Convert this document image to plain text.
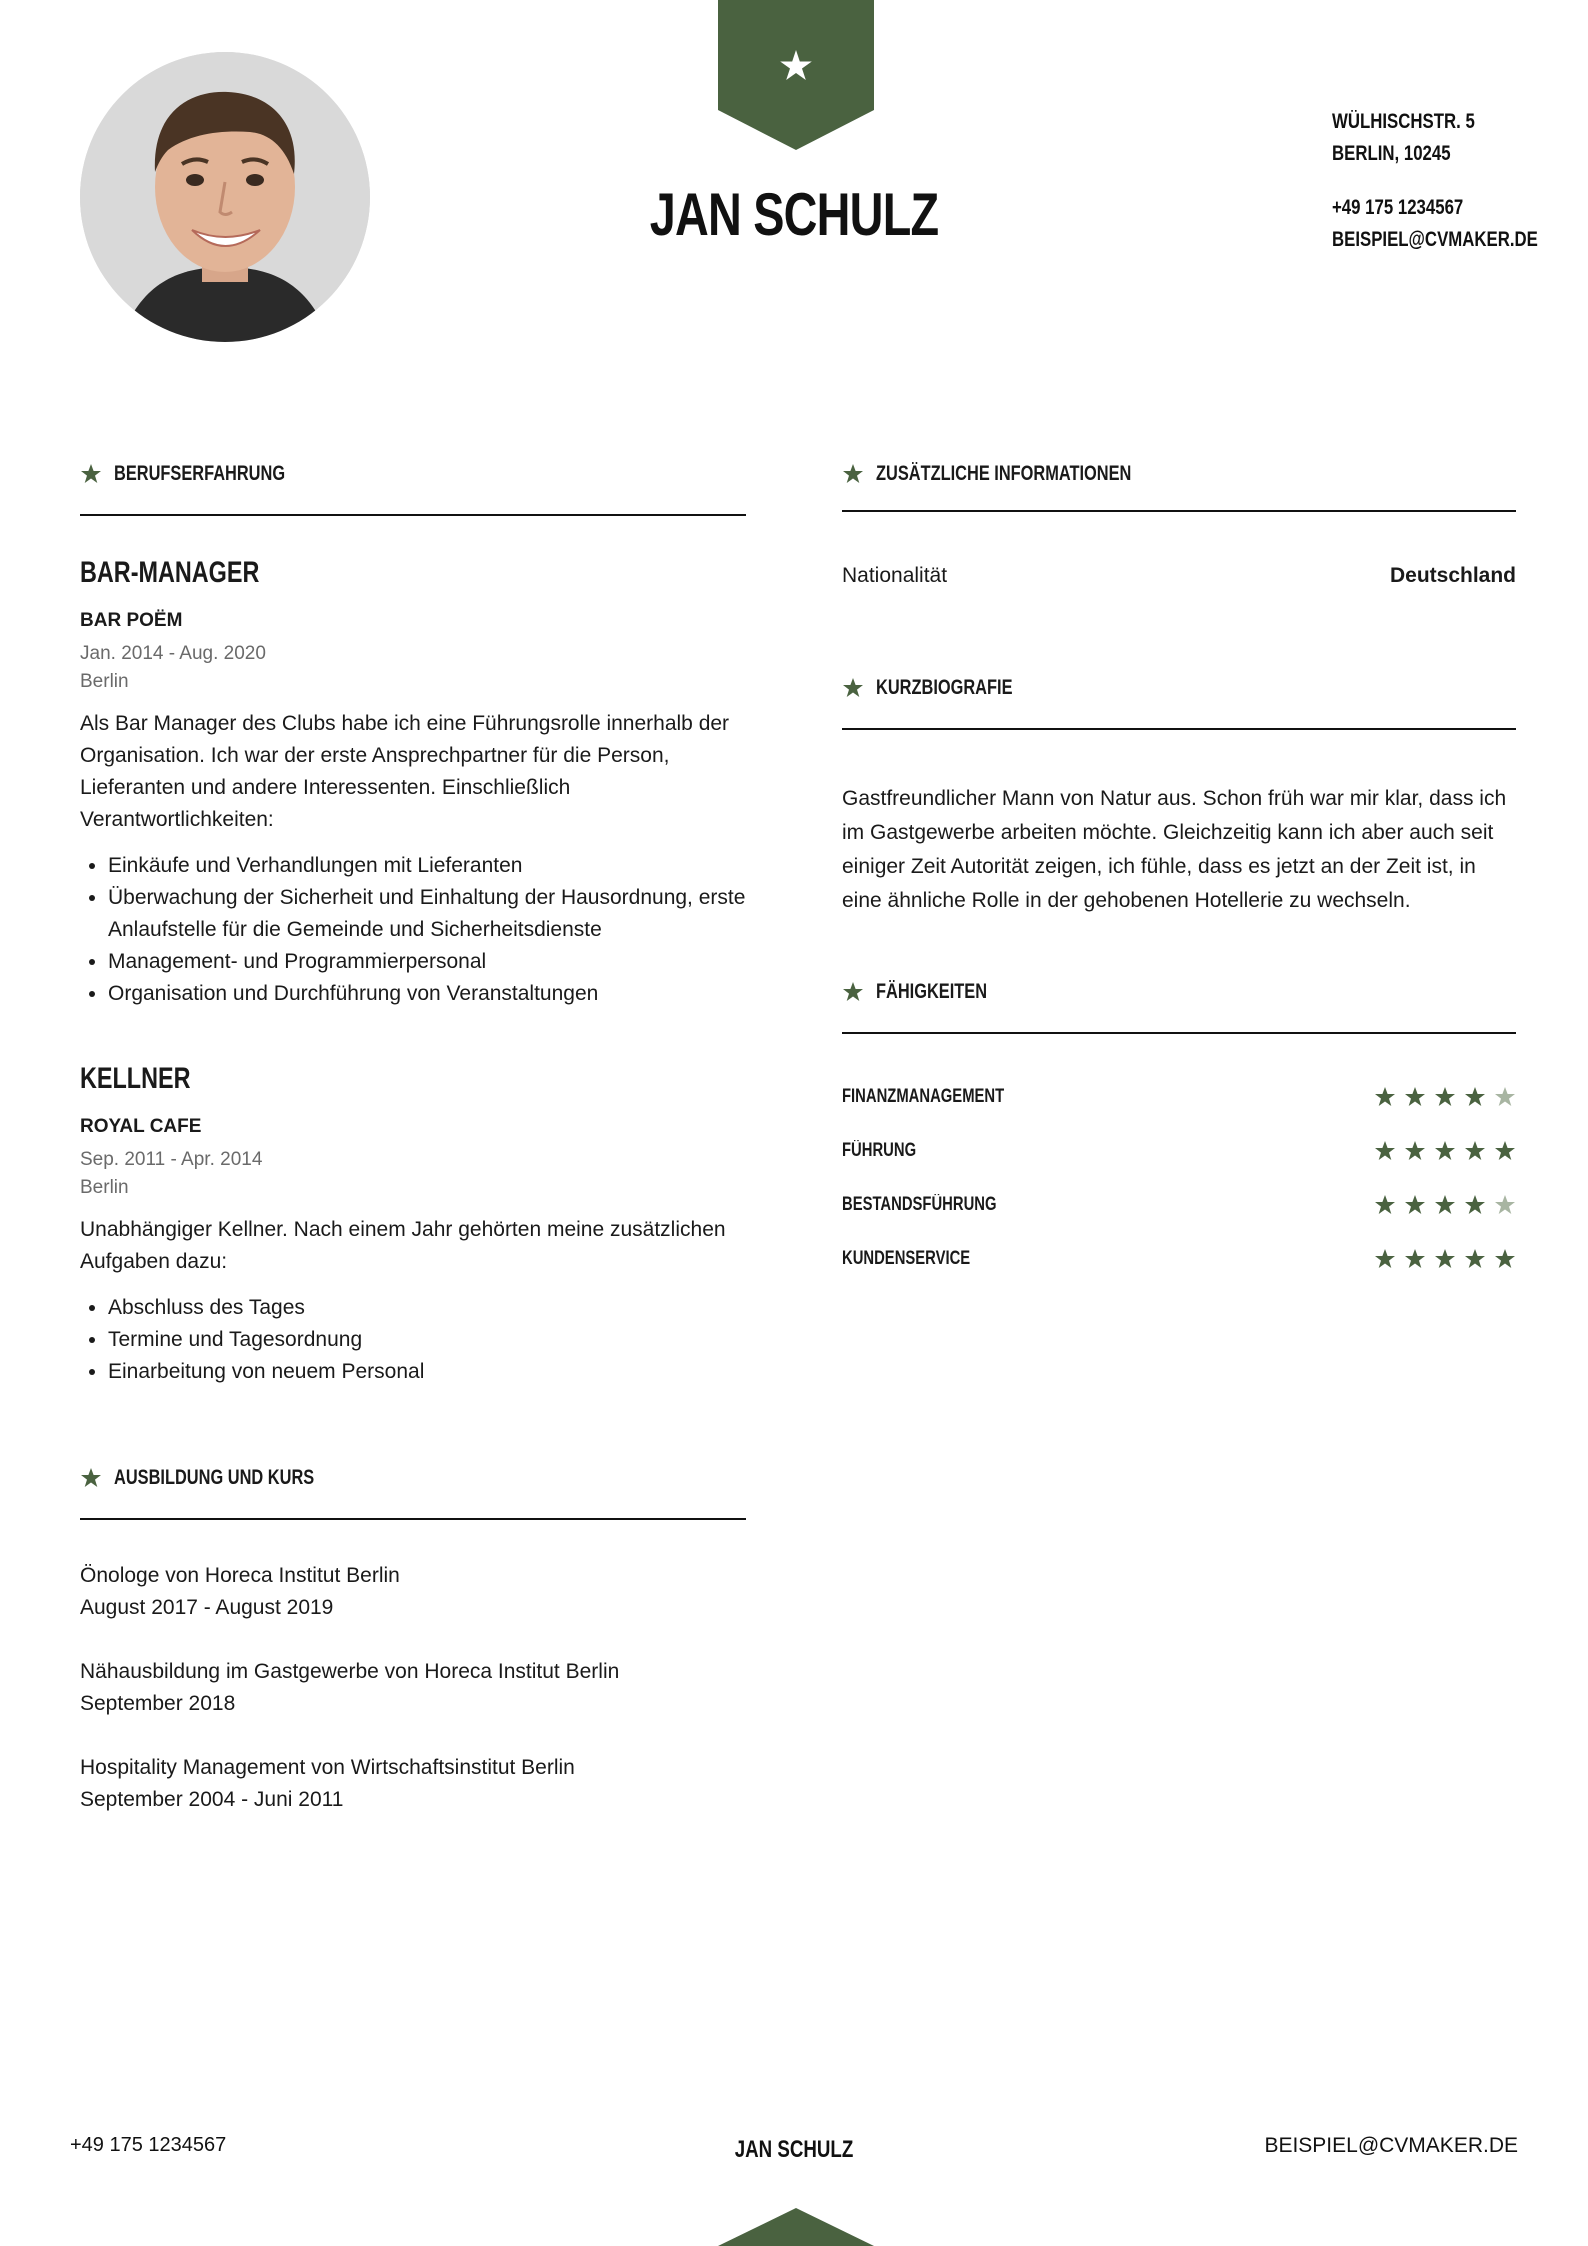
JAN SCHULZ
WÜLHISCHSTR. 5
BERLIN, 10245
+49 175 1234567
BEISPIEL@CVMAKER.DE
BERUFSERFAHRUNG
BAR-MANAGER
BAR POËM
Jan. 2014 - Aug. 2020
Berlin
Als Bar Manager des Clubs habe ich eine Führungsrolle innerhalb der Organisation. Ich war der erste Ansprechpartner für die Person, Lieferanten und andere Interessenten. Einschließlich Verantwortlichkeiten:
• Einkäufe und Verhandlungen mit Lieferanten
• Überwachung der Sicherheit und Einhaltung der Hausordnung, erste Anlaufstelle für die Gemeinde und Sicherheitsdienste
• Management- und Programmierpersonal
• Organisation und Durchführung von Veranstaltungen
KELLNER
ROYAL CAFE
Sep. 2011 - Apr. 2014
Berlin
Unabhängiger Kellner. Nach einem Jahr gehörten meine zusätzlichen Aufgaben dazu:
• Abschluss des Tages
• Termine und Tagesordnung
• Einarbeitung von neuem Personal
AUSBILDUNG UND KURS
Önologe von Horeca Institut Berlin
August 2017 - August 2019
Nähausbildung im Gastgewerbe von Horeca Institut Berlin
September 2018
Hospitality Management von Wirtschaftsinstitut Berlin
September 2004 - Juni 2011
ZUSÄTZLICHE INFORMATIONEN
Nationalität	Deutschland
KURZBIOGRAFIE
Gastfreundlicher Mann von Natur aus. Schon früh war mir klar, dass ich im Gastgewerbe arbeiten möchte. Gleichzeitig kann ich aber auch seit einiger Zeit Autorität zeigen, ich fühle, dass es jetzt an der Zeit ist, in eine ähnliche Rolle in der gehobenen Hotellerie zu wechseln.
FÄHIGKEITEN
FINANZMANAGEMENT
FÜHRUNG
BESTANDSFÜHRUNG
KUNDENSERVICE
+49 175 1234567	JAN SCHULZ	BEISPIEL@CVMAKER.DE
